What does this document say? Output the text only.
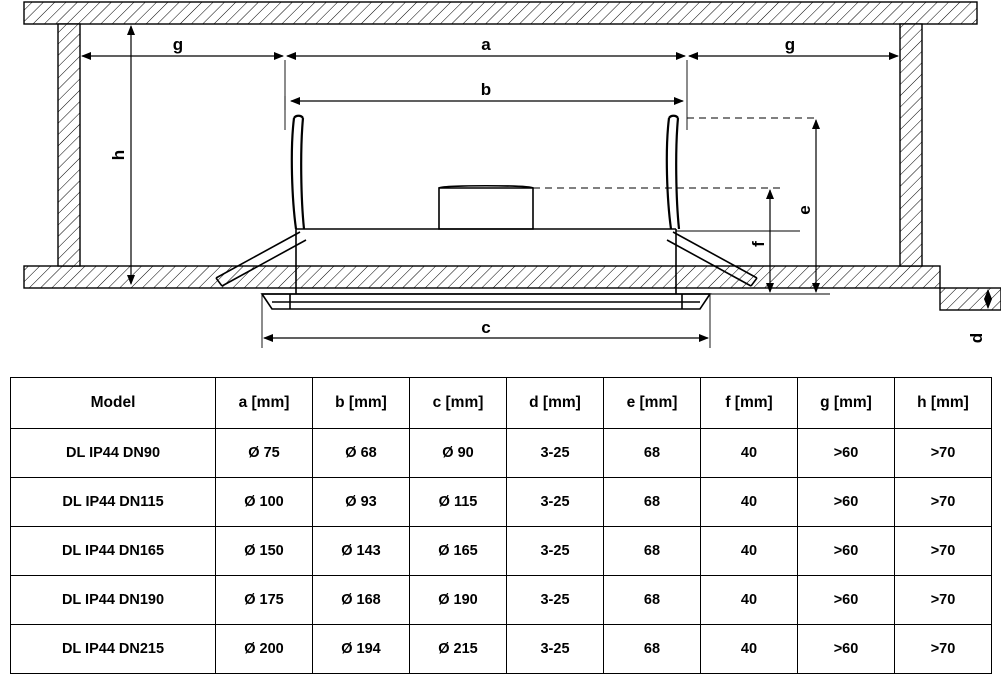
g	a	g
b
c
h
e
f
d
Model	a [mm]	b [mm]	c [mm]	d [mm]	e [mm]	f [mm]	g [mm]	h [mm]
DL IP44 DN90	Ø 75	Ø 68	Ø 90	3-25	68	40	>60	>70
DL IP44 DN115	Ø 100	Ø 93	Ø 115	3-25	68	40	>60	>70
DL IP44 DN165	Ø 150	Ø 143	Ø 165	3-25	68	40	>60	>70
DL IP44 DN190	Ø 175	Ø 168	Ø 190	3-25	68	40	>60	>70
DL IP44 DN215	Ø 200	Ø 194	Ø 215	3-25	68	40	>60	>70
